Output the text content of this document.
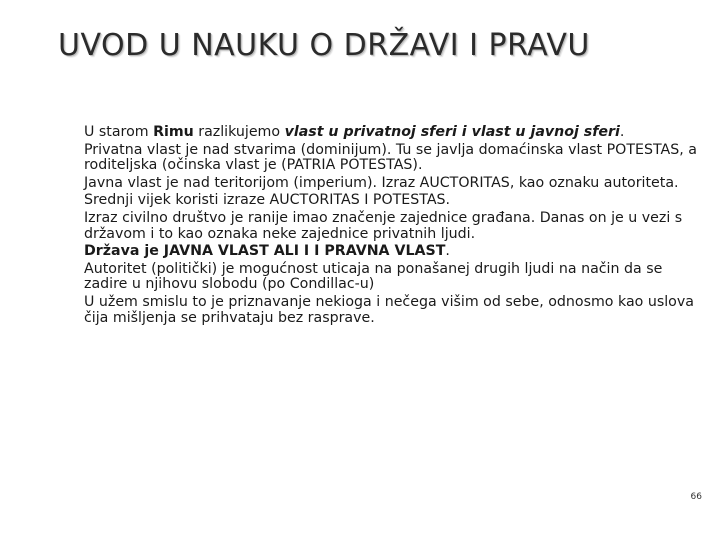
UVOD U NAUKU O DRŽAVI I PRAVU
U starom Rimu razlikujemo vlast u privatnoj sferi i vlast u javnoj sferi.
Privatna vlast je nad stvarima (dominijum). Tu se javlja domaćinska vlast POTESTAS, a roditeljska (očinska vlast je (PATRIA POTESTAS).
Javna vlast je nad teritorijom (imperium). Izraz AUCTORITAS, kao oznaku autoriteta.
Srednji vijek koristi izraze AUCTORITAS I POTESTAS.
Izraz civilno društvo je ranije imao značenje zajednice građana. Danas on je u vezi s državom i to kao oznaka neke zajednice privatnih ljudi.
Država je JAVNA VLAST ALI I I PRAVNA VLAST.
Autoritet (politički) je mogućnost uticaja na ponašanej drugih ljudi na način da se zadire u njihovu slobodu (po Condillac-u)
U užem smislu to je priznavanje nekioga i nečega višim od sebe, odnosmo kao uslova čija mišljenja se prihvataju bez rasprave.
66
